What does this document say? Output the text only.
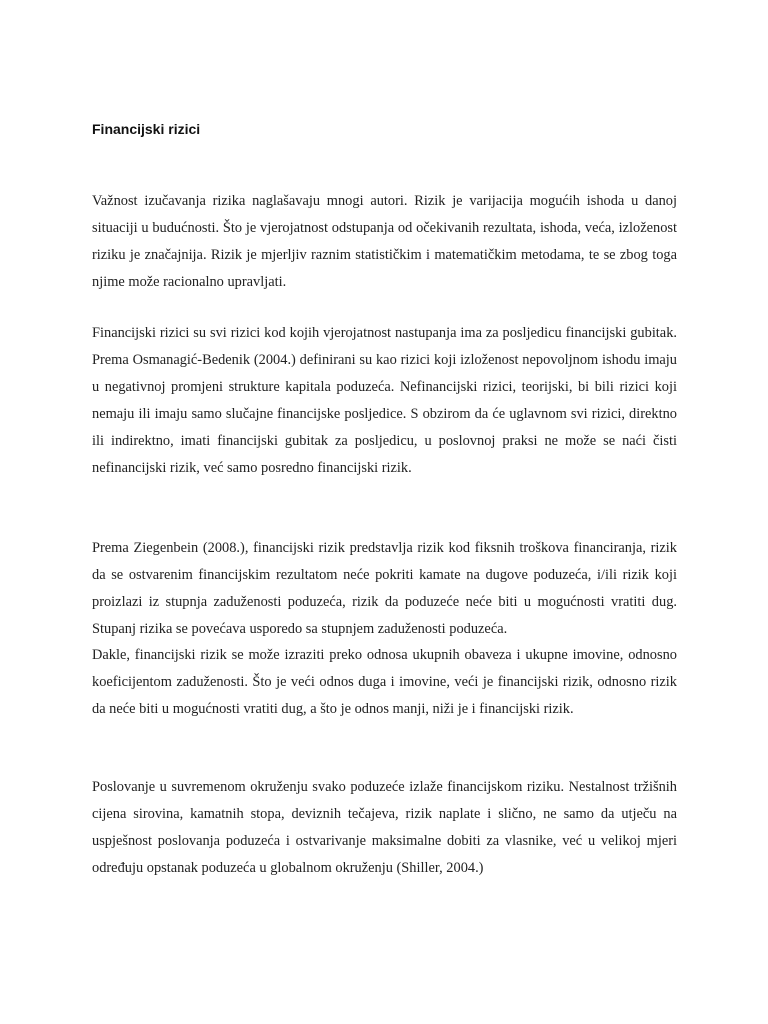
Financijski rizici

Važnost izučavanja rizika naglašavaju mnogi autori. Rizik je varijacija mogućih ishoda u danoj situaciji u budućnosti. Što je vjerojatnost odstupanja od očekivanih rezultata, ishoda, veća, izloženost riziku je značajnija. Rizik je mjerljiv raznim statističkim i matematičkim metodama, te se zbog toga njime može racionalno upravljati.

Financijski rizici su svi rizici kod kojih vjerojatnost nastupanja ima za posljedicu financijski gubitak. Prema Osmanagić-Bedenik (2004.) definirani su kao rizici koji izloženost nepovoljnom ishodu imaju u negativnoj promjeni strukture kapitala poduzeća. Nefinancijski rizici, teorijski, bi bili rizici koji nemaju ili imaju samo slučajne financijske posljedice. S obzirom da će uglavnom svi rizici, direktno ili indirektno, imati financijski gubitak za posljedicu, u poslovnoj praksi ne može se naći čisti nefinancijski rizik, već samo posredno financijski rizik.

Prema Ziegenbein (2008.), financijski rizik predstavlja rizik kod fiksnih troškova financiranja, rizik da se ostvarenim financijskim rezultatom neće pokriti kamate na dugove poduzeća, i/ili rizik koji proizlazi iz stupnja zaduženosti poduzeća, rizik da poduzeće neće biti u mogućnosti vratiti dug. Stupanj rizika se povećava usporedo sa stupnjem zaduženosti poduzeća.

Dakle, financijski rizik se može izraziti preko odnosa ukupnih obaveza i ukupne imovine, odnosno koeficijentom zaduženosti. Što je veći odnos duga i imovine, veći je financijski rizik, odnosno rizik da neće biti u mogućnosti vratiti dug, a što je odnos manji, niži je i financijski rizik.

Poslovanje u suvremenom okruženju svako poduzeće izlaže financijskom riziku. Nestalnost tržišnih cijena sirovina, kamatnih stopa, deviznih tečajeva, rizik naplate i slično, ne samo da utječu na uspješnost poslovanja poduzeća i ostvarivanje maksimalne dobiti za vlasnike, već u velikoj mjeri određuju opstanak poduzeća u globalnom okruženju (Shiller, 2004.)
